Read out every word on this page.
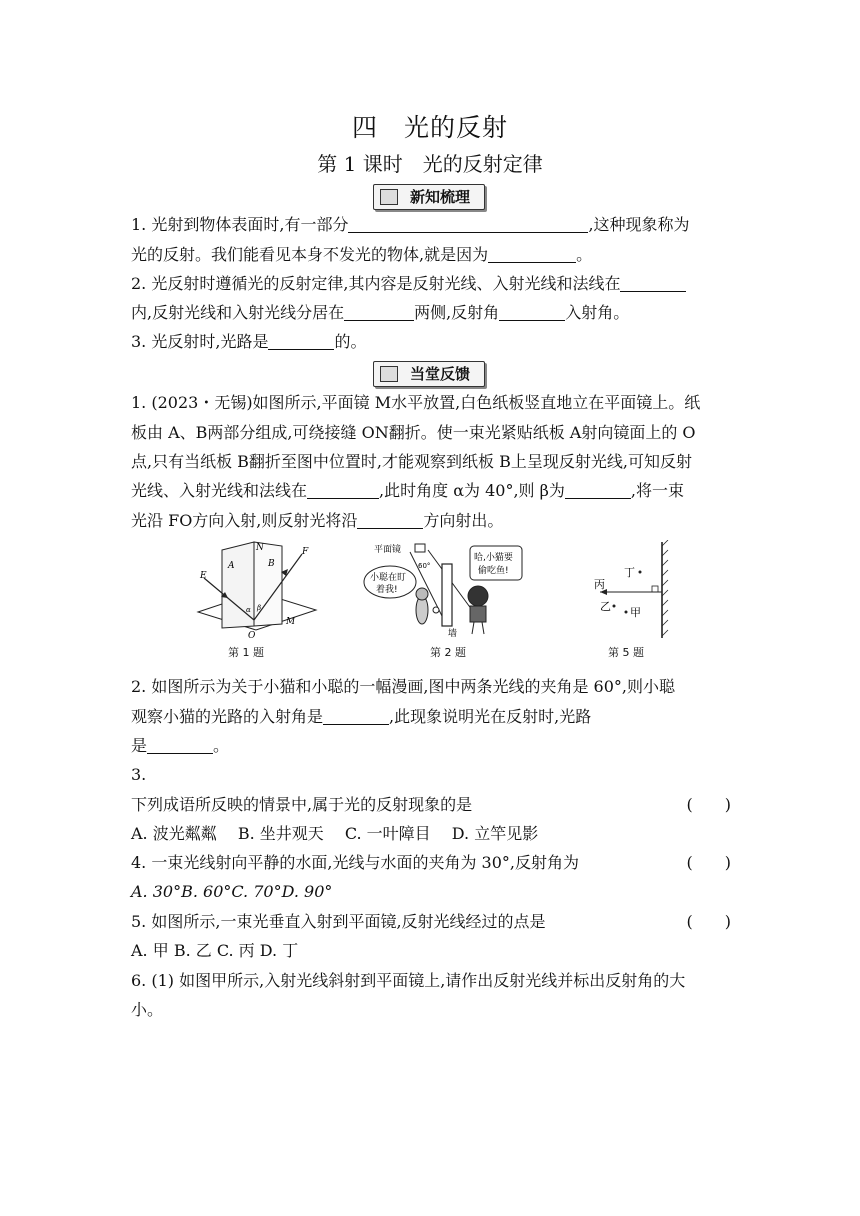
四　光的反射
第 1 课时　光的反射定律
新知梳理
1. 光射到物体表面时,有一部分	,这种现象称为
光的反射。我们能看见本身不发光的物体,就是因为	。
2. 光反射时遵循光的反射定律,其内容是反射光线、入射光线和法线在
内,反射光线和入射光线分居在	两侧,反射角	入射角。
3. 光反射时,光路是	的。
当堂反馈
1. (2023・无锡)如图所示,平面镜 M水平放置,白色纸板竖直地立在平面镜上。纸
板由 A、B两部分组成,可绕接缝 ON翻折。使一束光紧贴纸板 A射向镜面上的 O
点,只有当纸板 B翻折至图中位置时,才能观察到纸板 B上呈现反射光线,可知反射
光线、入射光线和法线在	,此时角度 α为 40°,则 β为	,将一束
光沿 FO方向入射,则反射光将沿	方向射出。
N
A	B
E
F
O
M
α β
第 1 题
平面镜
60°
墙
小聪在盯
着我!
哈,小猫要
偷吃鱼!
第 2 题
丙
丁
乙 甲
第 5 题
2. 如图所示为关于小猫和小聪的一幅漫画,图中两条光线的夹角是 60°,则小聪
观察小猫的光路的入射角是	,此现象说明光在反射时,光路
是	。
3.
下列成语所反映的情景中,属于光的反射现象的是	(　　)
A. 波光粼粼　 B. 坐井观天　 C. 一叶障目　 D. 立竿见影
4. 一束光线射向平静的水面,光线与水面的夹角为 30°,反射角为	(　　)
A. 30°B. 60°C. 70°D. 90°
5. 如图所示,一束光垂直入射到平面镜,反射光线经过的点是	(　　)
A. 甲 B. 乙 C. 丙 D. 丁
6. (1) 如图甲所示,入射光线斜射到平面镜上,请作出反射光线并标出反射角的大
小。
